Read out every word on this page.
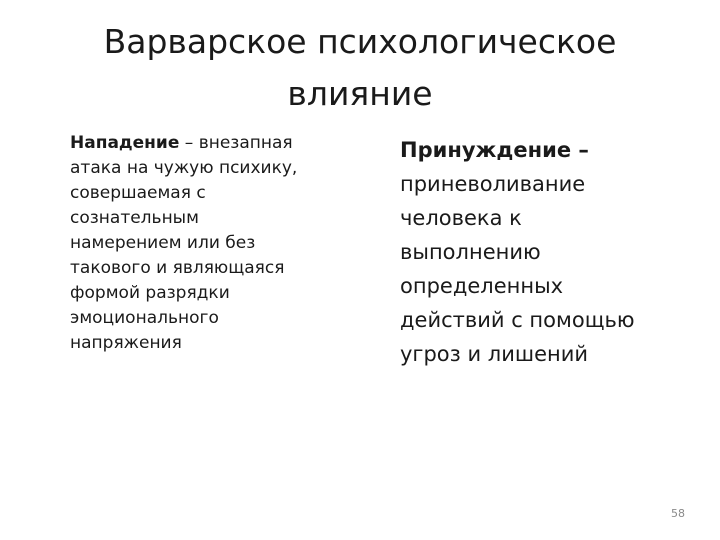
Варварское психологическое
влияние
Нападение – внезапная
атака на чужую психику,
совершаемая с
сознательным
намерением или без
такового и являющаяся
формой разрядки
эмоционального
напряжения
Принуждение –
приневоливание
человека к
выполнению
определенных
действий с помощью
угроз и лишений
58
